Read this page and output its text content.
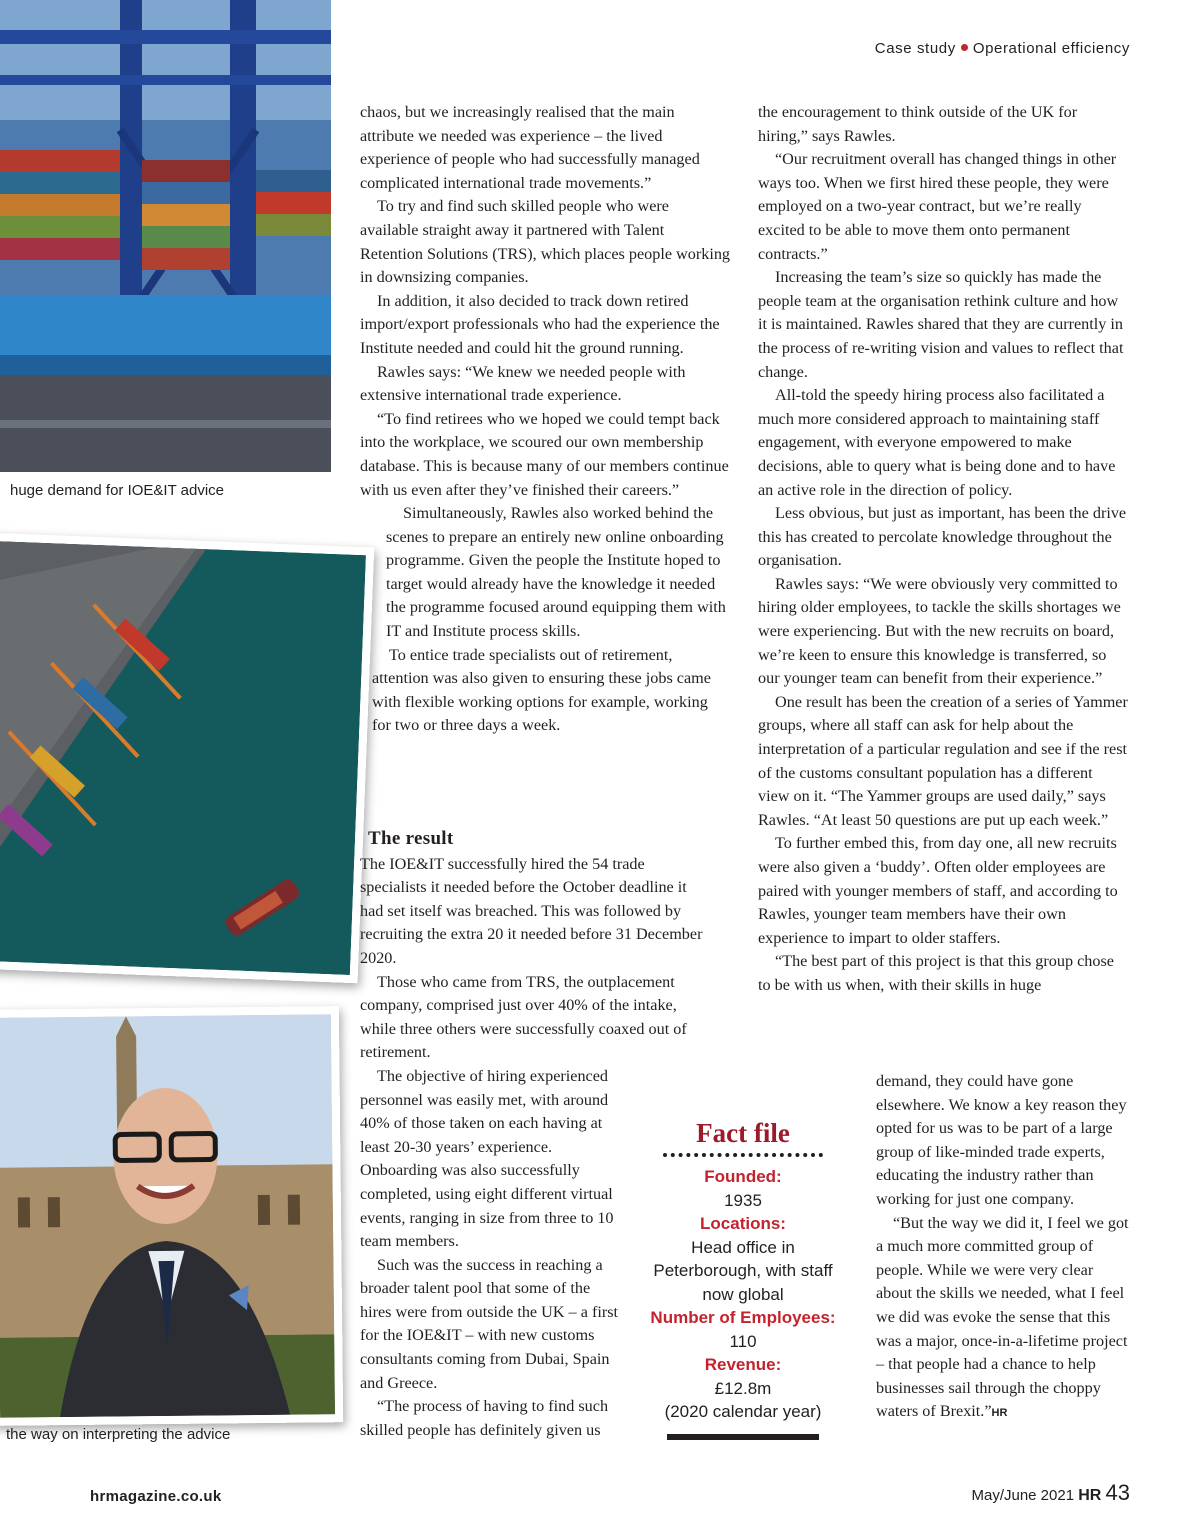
Case study Operational efficiency
huge demand for IOE&IT advice
the way on interpreting the advice

chaos, but we increasingly realised that the main attribute we needed was experience – the lived experience of people who had successfully managed complicated international trade movements.”

To try and find such skilled people who were available straight away it partnered with Talent Retention Solutions (TRS), which places people working in downsizing companies.

In addition, it also decided to track down retired import/export professionals who had the experience the Institute needed and could hit the ground running.

Rawles says: “We knew we needed people with extensive international trade experience.

“To find retirees who we hoped we could tempt back into the workplace, we scoured our own membership database. This is because many of our members continue with us even after they’ve finished their careers.”

Simultaneously, Rawles also worked behind the scenes to prepare an entirely new online onboarding programme. Given the people the Institute hoped to target would already have the knowledge it needed the programme focused around equipping them with IT and Institute process skills.

To entice trade specialists out of retirement, attention was also given to ensuring these jobs came with flexible working options for example, working for two or three days a week.

The result

The IOE&IT successfully hired the 54 trade specialists it needed before the October deadline it had set itself was breached. This was followed by recruiting the extra 20 it needed before 31 December 2020.

Those who came from TRS, the outplacement company, comprised just over 40% of the intake, while three others were successfully coaxed out of retirement.

The objective of hiring experienced personnel was easily met, with around 40% of those taken on each having at least 20-30 years’ experience. Onboarding was also successfully completed, using eight different virtual events, ranging in size from three to 10 team members.

Such was the success in reaching a broader talent pool that some of the hires were from outside the UK – a first for the IOE&IT – with new customs consultants coming from Dubai, Spain and Greece.

“The process of having to find such skilled people has definitely given us

the encouragement to think outside of the UK for hiring,” says Rawles.

“Our recruitment overall has changed things in other ways too. When we first hired these people, they were employed on a two-year contract, but we’re really excited to be able to move them onto permanent contracts.”

Increasing the team’s size so quickly has made the people team at the organisation rethink culture and how it is maintained. Rawles shared that they are currently in the process of re-writing vision and values to reflect that change.

All-told the speedy hiring process also facilitated a much more considered approach to maintaining staff engagement, with everyone empowered to make decisions, able to query what is being done and to have an active role in the direction of policy.

Less obvious, but just as important, has been the drive this has created to percolate knowledge throughout the organisation.

Rawles says: “We were obviously very committed to hiring older employees, to tackle the skills shortages we were experiencing. But with the new recruits on board, we’re keen to ensure this knowledge is transferred, so our younger team can benefit from their experience.”

One result has been the creation of a series of Yammer groups, where all staff can ask for help about the interpretation of a particular regulation and see if the rest of the customs consultant population has a different view on it. “The Yammer groups are used daily,” says Rawles. “At least 50 questions are put up each week.”

To further embed this, from day one, all new recruits were also given a ‘buddy’. Often older employees are paired with younger members of staff, and according to Rawles, younger team members have their own experience to impart to older staffers.

“The best part of this project is that this group chose to be with us when, with their skills in huge

demand, they could have gone elsewhere. We know a key reason they opted for us was to be part of a large group of like-minded trade experts, educating the industry rather than working for just one company.

“But the way we did it, I feel we got a much more committed group of people. While we were very clear about the skills we needed, what I feel we did was evoke the sense that this was a major, once-in-a-lifetime project – that people had a chance to help businesses sail through the choppy waters of Brexit.”HR

Fact file
Founded:
1935
Locations:
Head office in Peterborough, with staff now global
Number of Employees:
110
Revenue:
£12.8m
(2020 calendar year)
hrmagazine.co.uk	May/June 2021 HR 43
